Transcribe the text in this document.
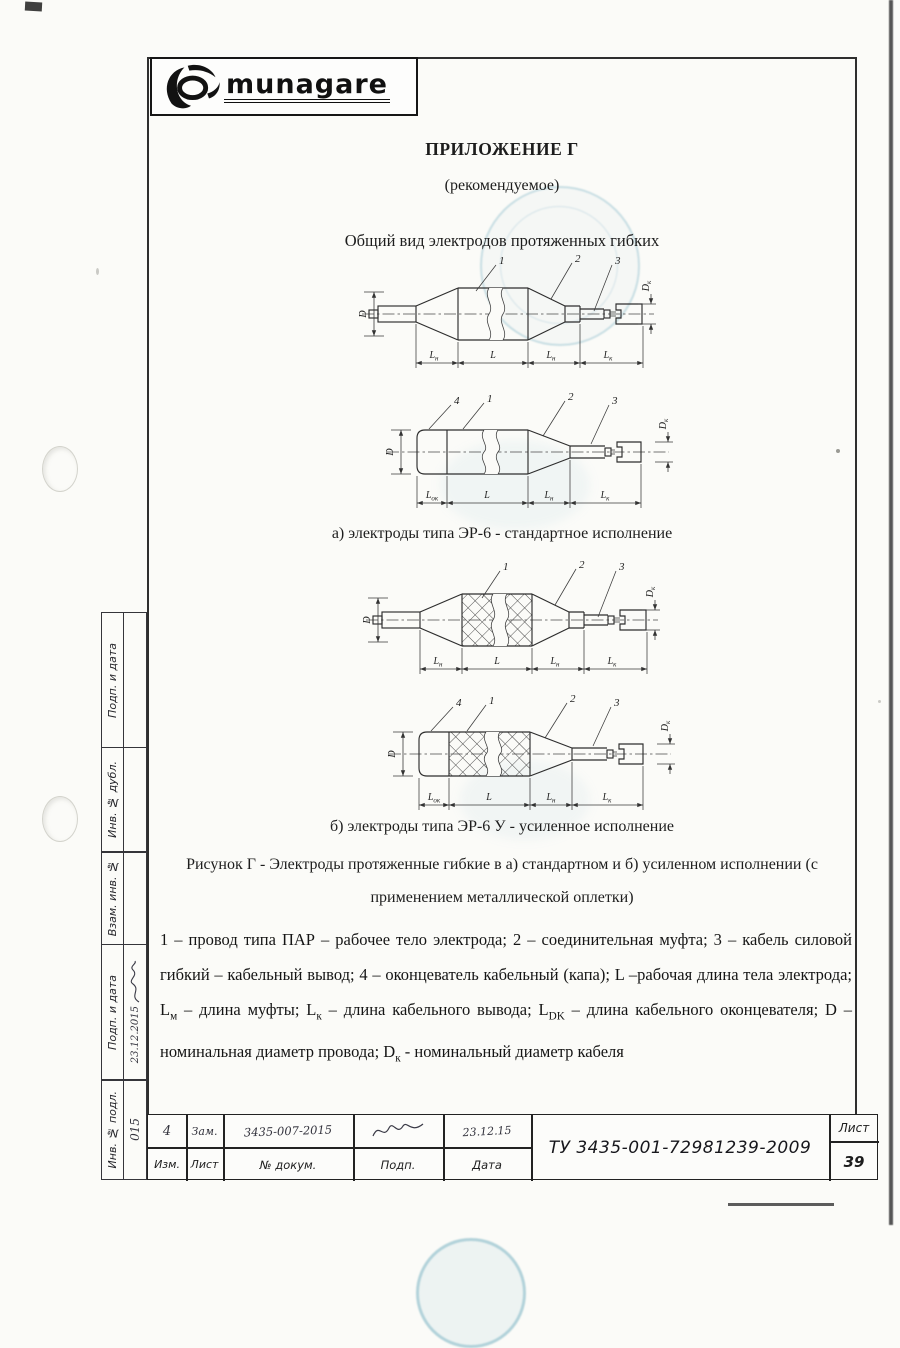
munagare
ПРИЛОЖЕНИЕ Г
(рекомендуемое)
Общий вид электродов протяженных гибких
1	2	3
D
$D_к$
$L_н$	L	$L_н$	$L_к$
4	1	2	3
D
$D_к$
$L_{ок}$	L	$L_н$	$L_к$
а) электроды типа ЭР-6 - стандартное исполнение
1	2	3
D
$D_к$
$L_н$	L	$L_н$	$L_к$
4	1	2	3
D
$D_к$
$L_{ок}$	L	$L_н$	$L_к$
б) электроды типа ЭР-6 У - усиленное исполнение
Рисунок Г - Электроды протяженные гибкие в а) стандартном и б) усиленном исполнении (с
применением металлической оплетки)
1 – провод типа ПАР – рабочее тело электрода; 2 – соединительная муфта; 3 – кабель силовой гибкий – кабельный вывод; 4 – оконцеватель кабельный (капа); L –рабочая длина тела электрода; $L_м$ – длина муфты; $L_к$ – длина кабельного вывода; $L_{DK}$ – длина кабельного оконцевателя; D – номинальная диаметр провода; $D_к$ - номинальный диаметр кабеля
Подп. и дата
Инв. № дубл.
Взам. инв. №
Подп. и дата 23.12.2015
Инв. № подл. 015	4	Зам.	3435-007-2015	23.12.15
Изм. Лист	№ докум.	Подп.	Дата
ТУ 3435-001-72981239-2009
Лист
39
